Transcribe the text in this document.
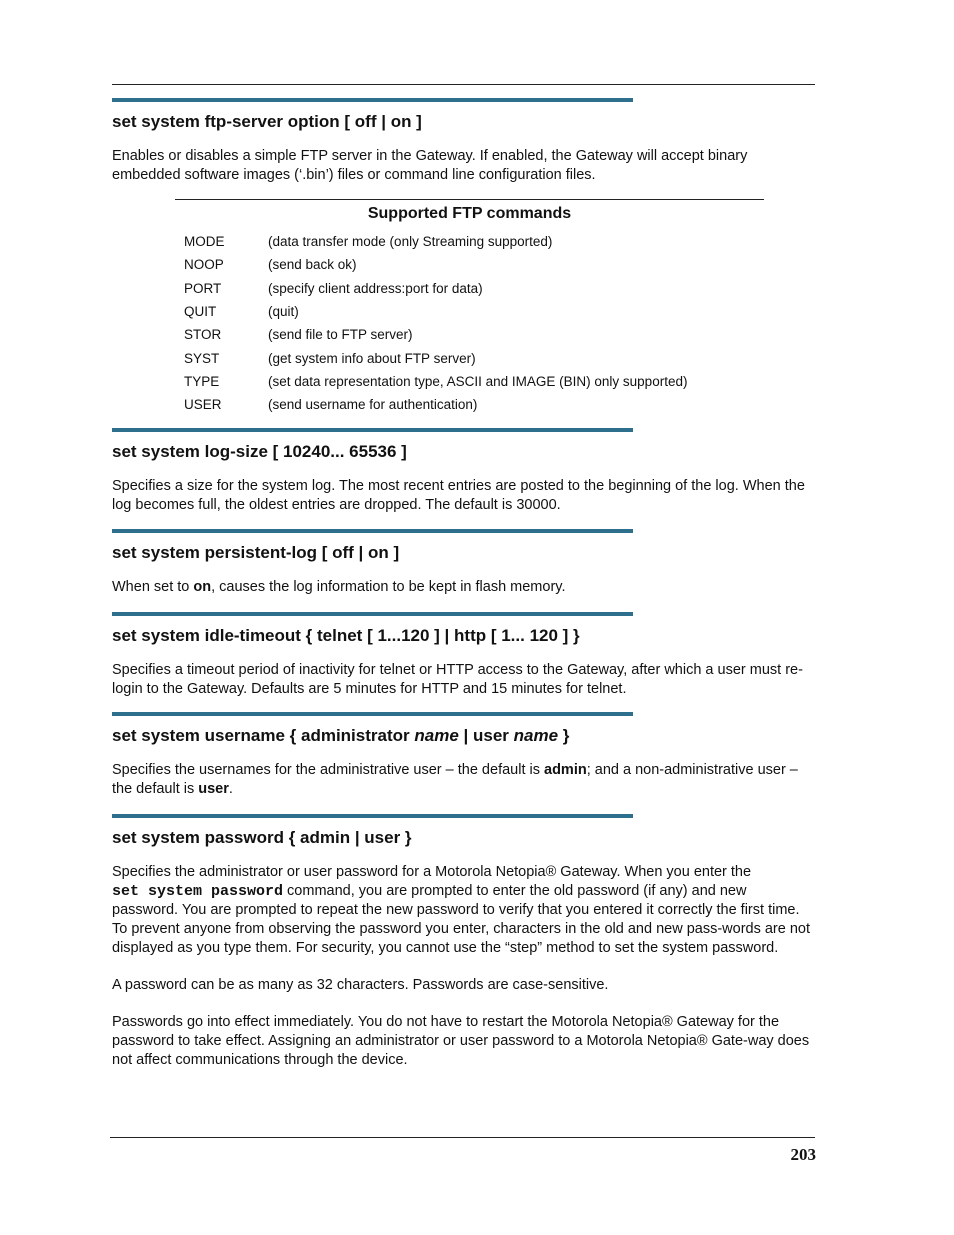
set system ftp-server option [ off | on ]

Enables or disables a simple FTP server in the Gateway. If enabled, the Gateway will accept binary embedded software images (‘.bin’) files or command line configuration files.

Supported FTP commands
MODE	(data transfer mode (only Streaming supported)
NOOP	(send back ok)
PORT	(specify client address:port for data)
QUIT	(quit)
STOR	(send file to FTP server)
SYST	(get system info about FTP server)
TYPE	(set data representation type, ASCII and IMAGE (BIN) only supported)
USER	(send username for authentication)
set system log-size [ 10240... 65536 ]

Specifies a size for the system log. The most recent entries are posted to the beginning of the log. When the log becomes full, the oldest entries are dropped. The default is 30000.

set system persistent-log [ off | on ]

When set to on, causes the log information to be kept in flash memory.

set system idle-timeout { telnet [ 1...120 ] | http [ 1... 120 ] }

Specifies a timeout period of inactivity for telnet or HTTP access to the Gateway, after which a user must re-login to the Gateway. Defaults are 5 minutes for HTTP and 15 minutes for telnet.

set system username { administrator name | user name }

Specifies the usernames for the administrative user – the default is admin; and a non-administrative user – the default is user.

set system password { admin | user }

Specifies the administrator or user password for a Motorola Netopia® Gateway. When you enter the
set system password command, you are prompted to enter the old password (if any) and new password. You are prompted to repeat the new password to verify that you entered it correctly the first time. To prevent anyone from observing the password you enter, characters in the old and new pass-words are not displayed as you type them. For security, you cannot use the “step” method to set the system password.

A password can be as many as 32 characters. Passwords are case-sensitive.

Passwords go into effect immediately. You do not have to restart the Motorola Netopia® Gateway for the password to take effect. Assigning an administrator or user password to a Motorola Netopia® Gate-way does not affect communications through the device.

203
